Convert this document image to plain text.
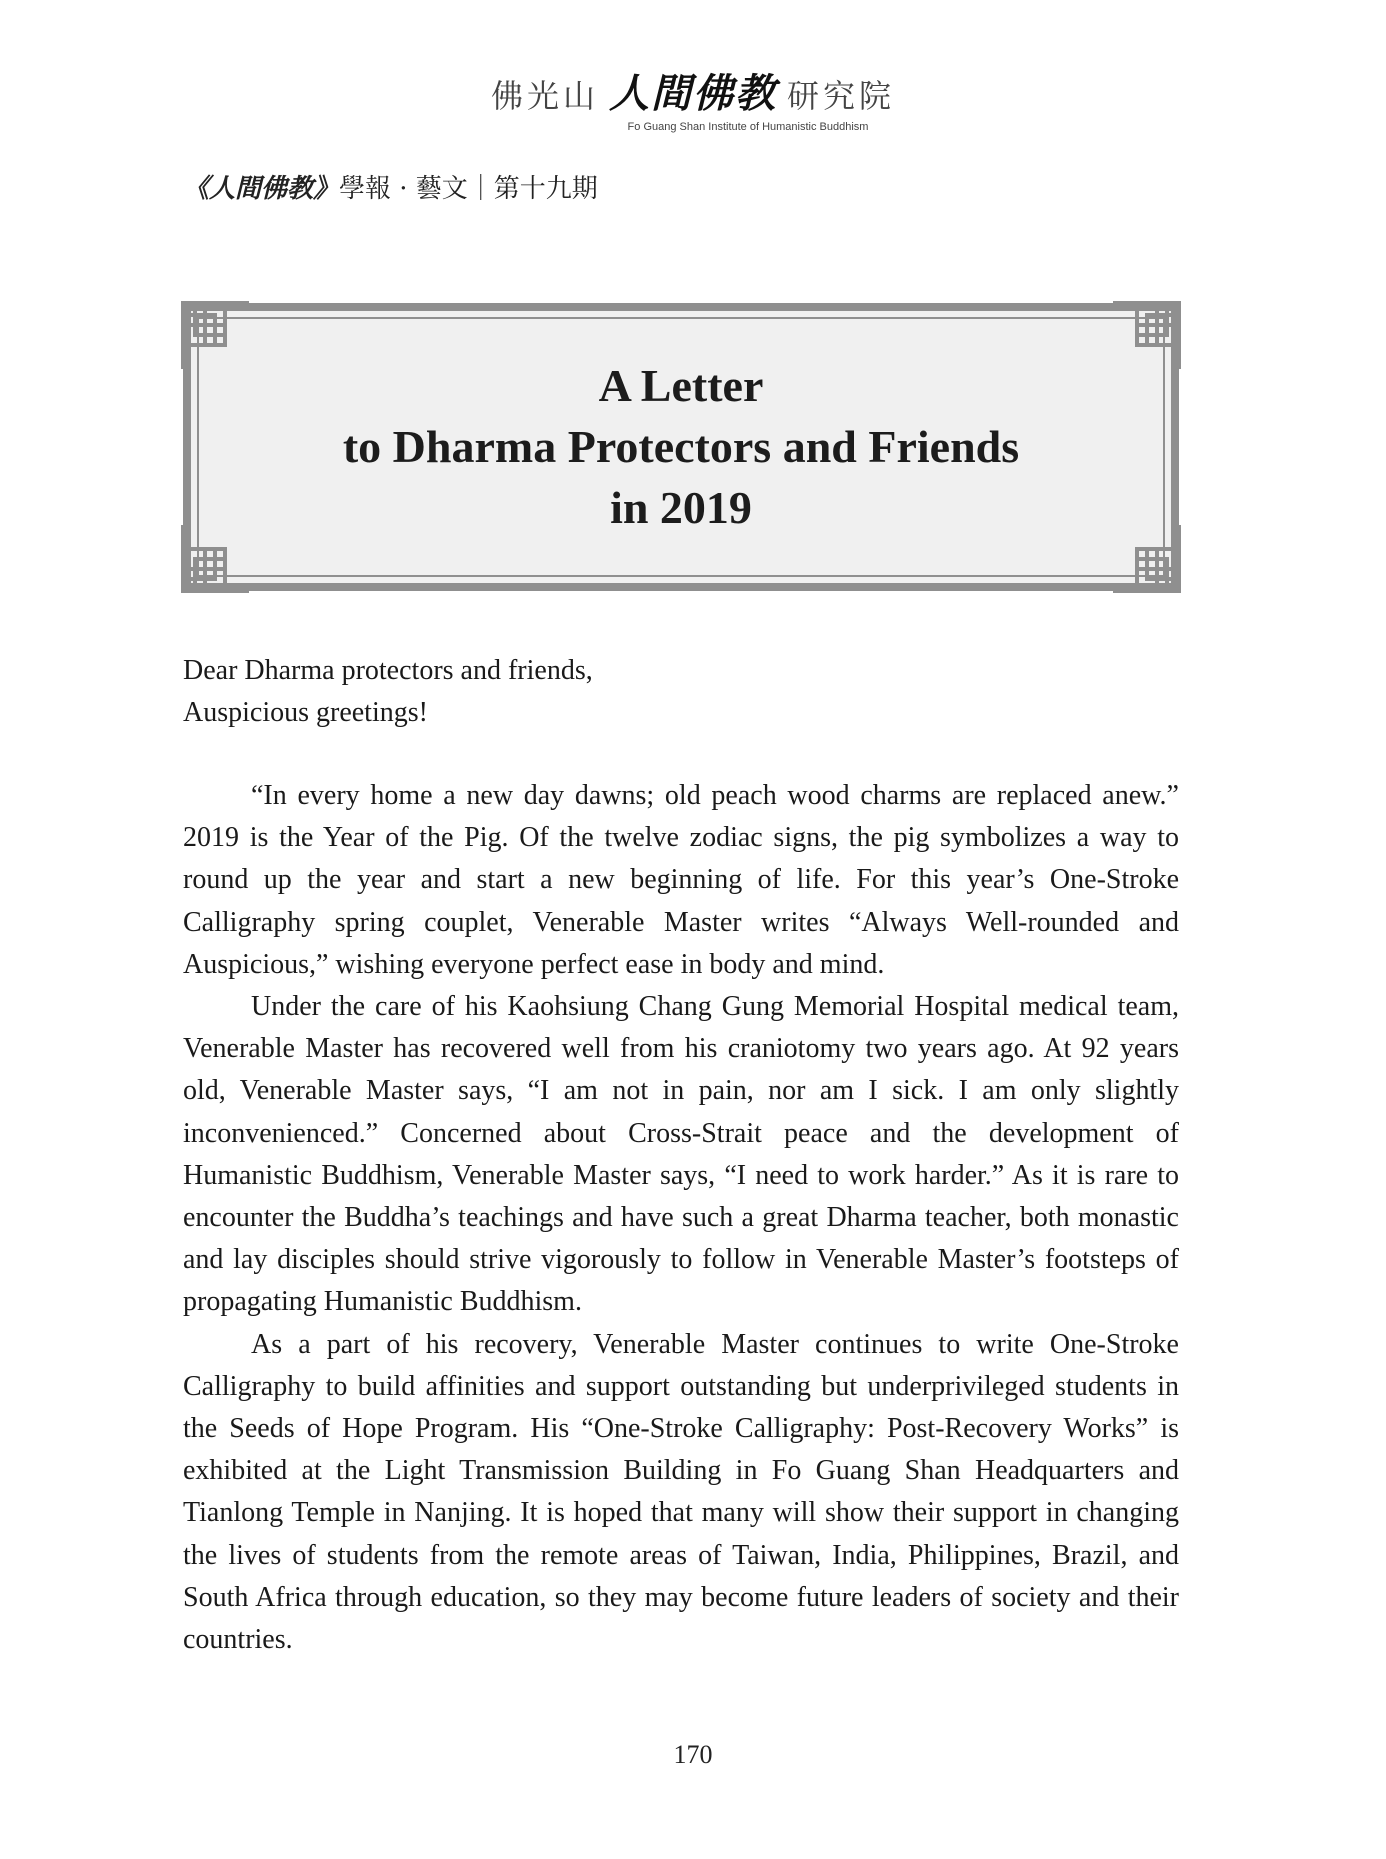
佛光山 人間佛教 研究院
Fo Guang Shan Institute of Humanistic Buddhism
《人間佛教》學報 · 藝文｜第十九期
A Letter
to Dharma Protectors and Friends
in 2019
Dear Dharma protectors and friends,
Auspicious greetings!

“In every home a new day dawns; old peach wood charms are replaced anew.” 2019 is the Year of the Pig. Of the twelve zodiac signs, the pig symbolizes a way to round up the year and start a new beginning of life. For this year’s One-Stroke Calligraphy spring couplet, Venerable Master writes “Always Well-rounded and Auspicious,” wishing everyone perfect ease in body and mind.

Under the care of his Kaohsiung Chang Gung Memorial Hospital medical team, Venerable Master has recovered well from his craniotomy two years ago. At 92 years old, Venerable Master says, “I am not in pain, nor am I sick. I am only slightly inconvenienced.” Concerned about Cross-Strait peace and the development of Humanistic Buddhism, Venerable Master says, “I need to work harder.” As it is rare to encounter the Buddha’s teachings and have such a great Dharma teacher, both monastic and lay disciples should strive vigorously to follow in Venerable Master’s footsteps of propagating Humanistic Buddhism.

As a part of his recovery, Venerable Master continues to write One-Stroke Calligraphy to build affinities and support outstanding but underprivileged students in the Seeds of Hope Program. His “One-Stroke Calligraphy: Post-Recovery Works” is exhibited at the Light Transmission Building in Fo Guang Shan Headquarters and Tianlong Temple in Nanjing. It is hoped that many will show their support in changing the lives of students from the remote areas of Taiwan, India, Philippines, Brazil, and South Africa through education, so they may become future leaders of society and their countries.

170
